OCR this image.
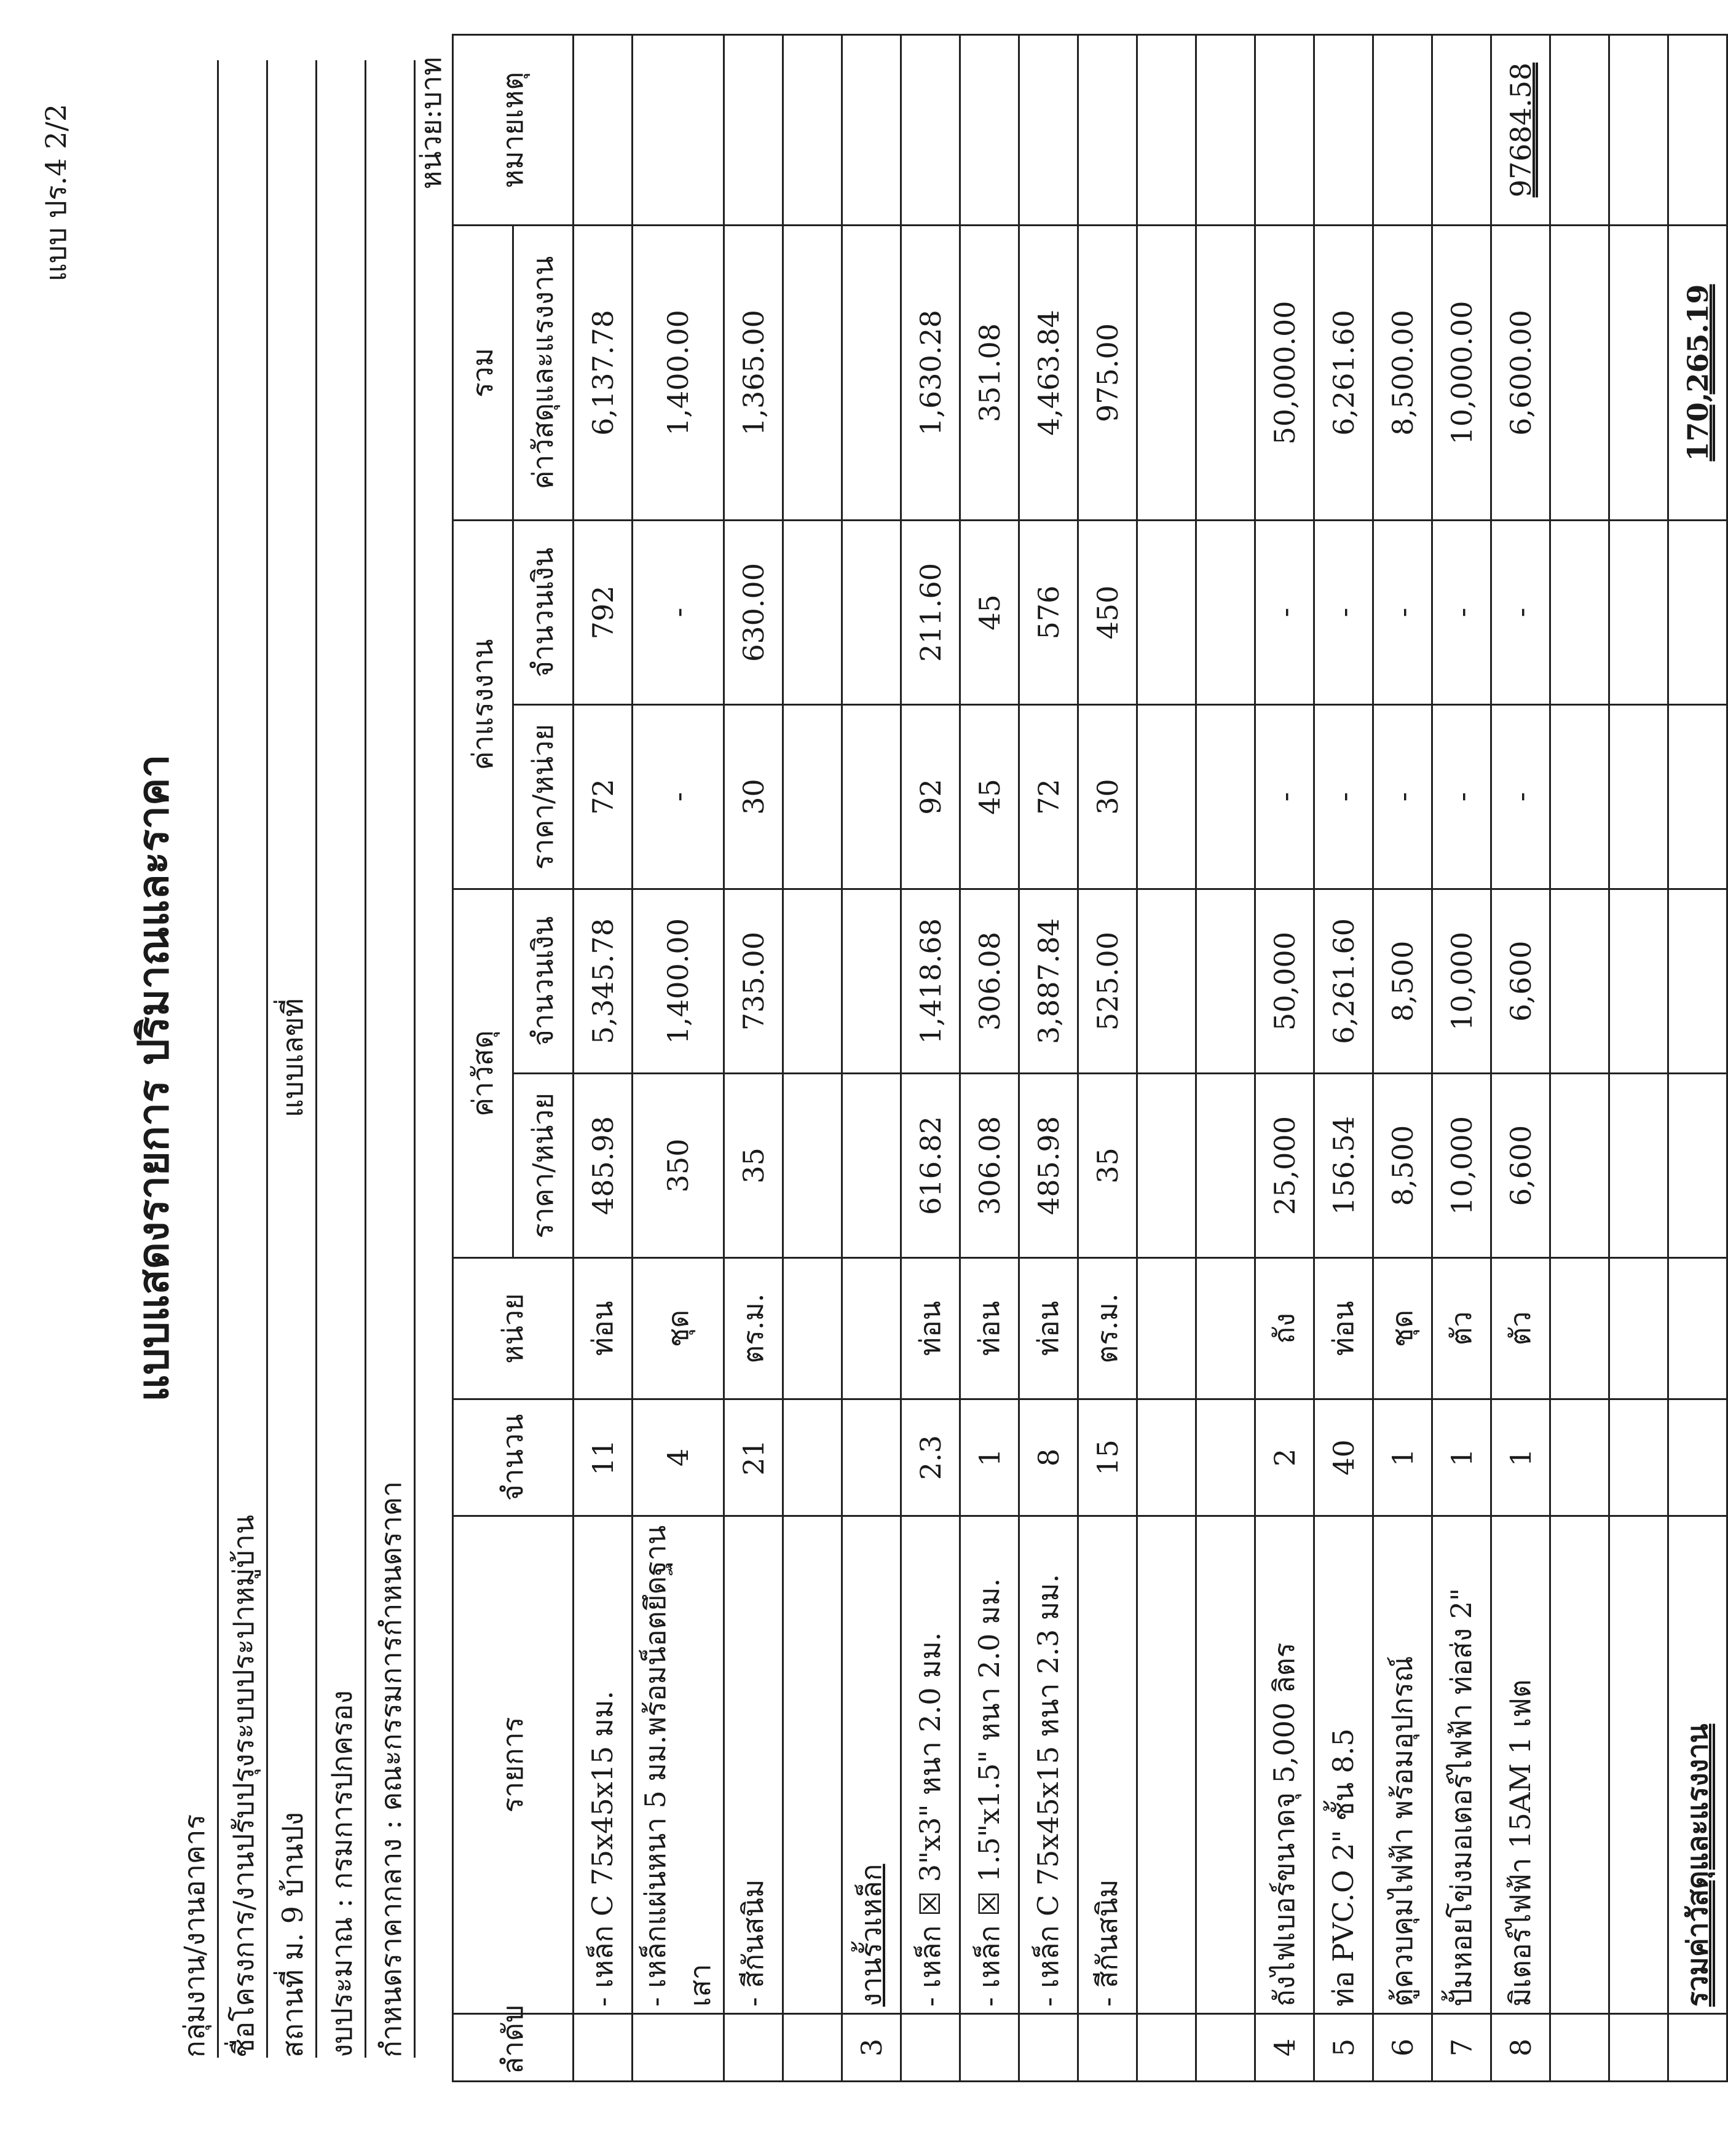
แบบ ปร.4 2/2
แบบแสดงรายการ ปริมาณและราคา
กลุ่มงาน/งานอาคาร ชื่อโครงการ/งานปรับปรุงระบบประปาหมู่บ้าน สถานที่ ม. 9 บ้านปง
แบบเลขที่
งบประมาณ : กรมการปกครอง กำหนดราคากลาง : คณะกรรมการกำหนดราคา
หน่วย:บาท
ลำดับ	รายการ	จำนวน	หน่วย	ค่าวัสดุ		ค่าแรงงาน		รวม	หมายเหตุ
				ราคา/หน่วย	จำนวนเงิน	ราคา/หน่วย	จำนวนเงิน	ค่าวัสดุและแรงงาน	
	- เหล็ก C 75x45x15 มม.	11	ท่อน	485.98	5,345.78	72	792	6,137.78	
	- เหล็กแผ่นหนา 5 มม.พร้อมน็อตยึดฐานเสา	4	ชุด	350	1,400.00	-	-	1,400.00	
	- สีกันสนิม	21	ตร.ม.	35	735.00	30	630.00	1,365.00	

3	งานรั้วเหล็ก								
	- เหล็ก ☒ 3"x3" หนา 2.0 มม.	2.3	ท่อน	616.82	1,418.68	92	211.60	1,630.28	
	- เหล็ก ☒ 1.5"x1.5" หนา 2.0 มม.	1	ท่อน	306.08	306.08	45	45	351.08	
	- เหล็ก C 75x45x15 หนา 2.3 มม.	8	ท่อน	485.98	3,887.84	72	576	4,463.84	
	- สีกันสนิม	15	ตร.ม.	35	525.00	30	450	975.00	

4	ถังไฟเบอร์ขนาดจุ 5,000 ลิตร	2	ถัง	25,000	50,000	-	-	50,000.00	
5	ท่อ PVC.O 2" ชั้น 8.5	40	ท่อน	156.54	6,261.60	-	-	6,261.60	
6	ตู้ควบคุมไฟฟ้า พร้อมอุปกรณ์	1	ชุด	8,500	8,500	-	-	8,500.00	
7	ปั้มหอยโข่งมอเตอร์ไฟฟ้า ท่อส่ง 2"	1	ตัว	10,000	10,000	-	-	10,000.00	
8	มิเตอร์ไฟฟ้า 15AM 1 เฟต	1	ตัว	6,600	6,600	-	-	6,600.00	97684.58

	รวมค่าวัสดุและแรงงาน							170,265.19	
